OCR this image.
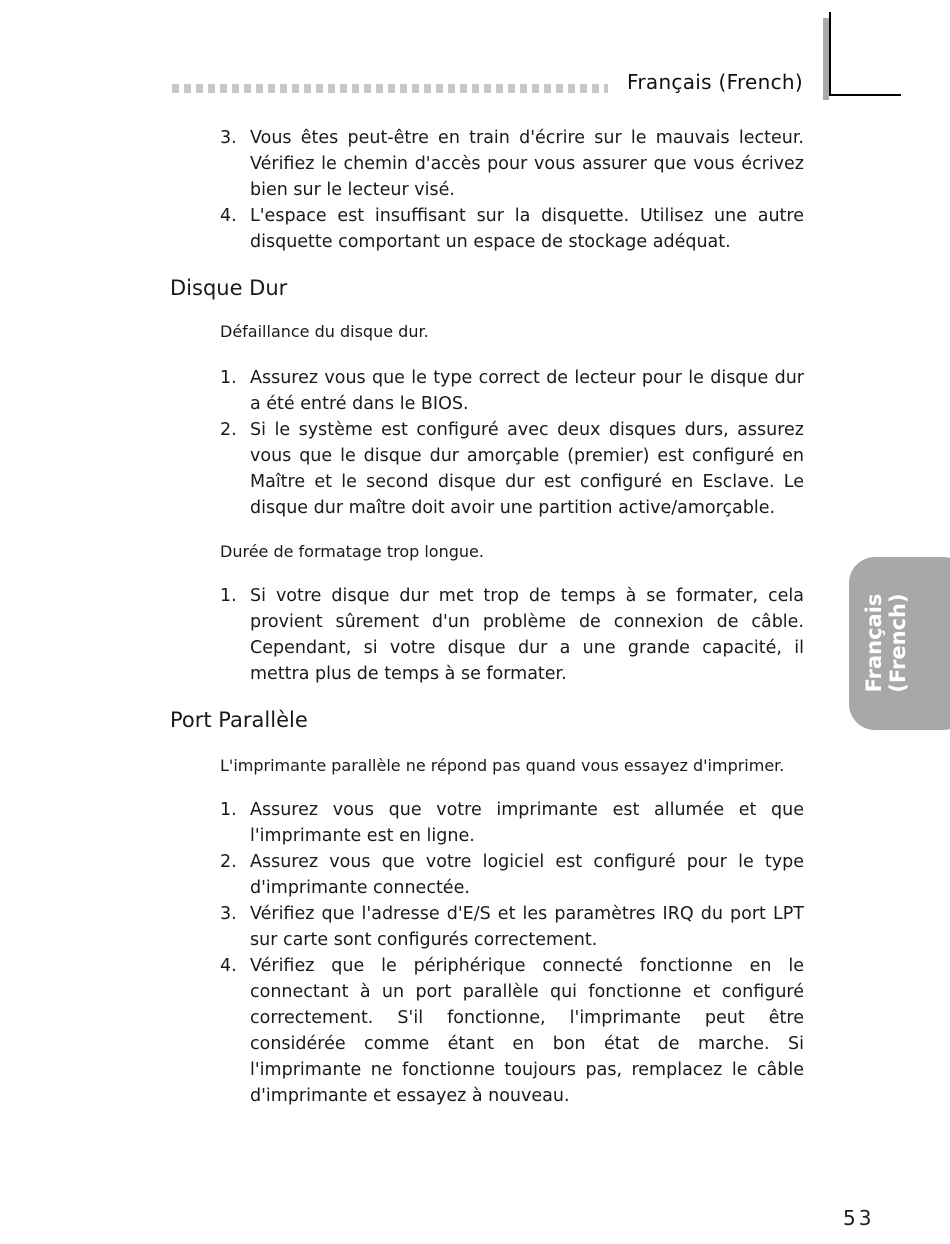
Français (French)
Français (French)
3. Vous êtes peut-être en train d'écrire sur le mauvais lecteur. Vérifiez le chemin d'accès pour vous assurer que vous écrivez bien sur le lecteur visé.
4. L'espace est insuffisant sur la disquette. Utilisez une autre disquette comportant un espace de stockage adéquat.
Disque Dur
Défaillance du disque dur.
1. Assurez vous que le type correct de lecteur pour le disque dur a été entré dans le BIOS.
2. Si le système est configuré avec deux disques durs, assurez vous que le disque dur amorçable (premier) est configuré en Maître et le second disque dur est configuré en Esclave. Le disque dur maître doit avoir une partition active/amorçable.
Durée de formatage trop longue.
1. Si votre disque dur met trop de temps à se formater, cela provient sûrement d'un problème de connexion de câble. Cependant, si votre disque dur a une grande capacité, il mettra plus de temps à se formater.
Port Parallèle
L'imprimante parallèle ne répond pas quand vous essayez d'imprimer.
1. Assurez vous que votre imprimante est allumée et que l'imprimante est en ligne.
2. Assurez vous que votre logiciel est configuré pour le type d'imprimante connectée.
3. Vérifiez que l'adresse d'E/S et les paramètres IRQ du port LPT sur carte sont configurés correctement.
4. Vérifiez que le périphérique connecté fonctionne en le connectant à un port parallèle qui fonctionne et configuré correctement. S'il fonctionne, l'imprimante peut être considérée comme étant en bon état de marche. Si l'imprimante ne fonctionne toujours pas, remplacez le câble d'imprimante et essayez à nouveau.
53
